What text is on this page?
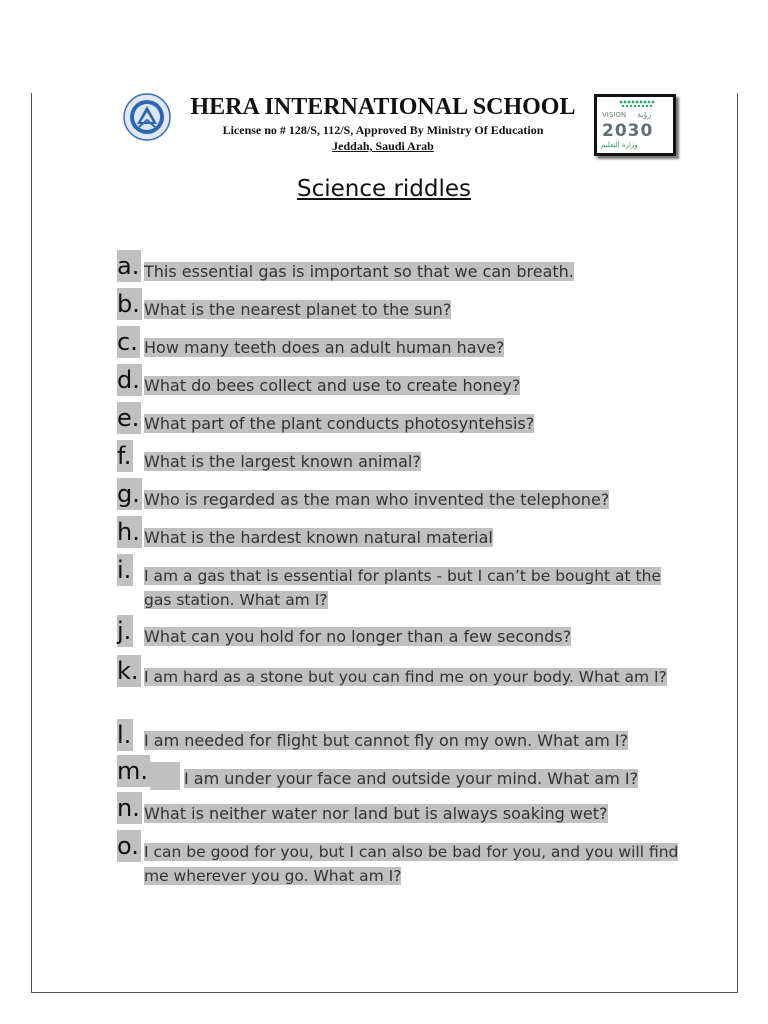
HERA INTERNATIONAL SCHOOL
License no # 128/S, 112/S, Approved By Ministry Of Education
Jeddah, Saudi Arab
VISION رؤية
2030
وزارة التعليم
Science riddles
a. This essential gas is important so that we can breath.
b. What is the nearest planet to the sun?
c. How many teeth does an adult human have?
d. What do bees collect and use to create honey?
e. What part of the plant conducts photosyntehsis?
f. What is the largest known animal?
g. Who is regarded as the man who invented the telephone?
h. What is the hardest known natural material
i. I am a gas that is essential for plants - but I can’t be bought at the gas station. What am I?
j. What can you hold for no longer than a few seconds?
k. I am hard as a stone but you can find me on your body. What am I?
l. I am needed for flight but cannot fly on my own. What am I?
m.	I am under your face and outside your mind. What am I?
n. What is neither water nor land but is always soaking wet?
o. I can be good for you, but I can also be bad for you, and you will find me wherever you go. What am I?
